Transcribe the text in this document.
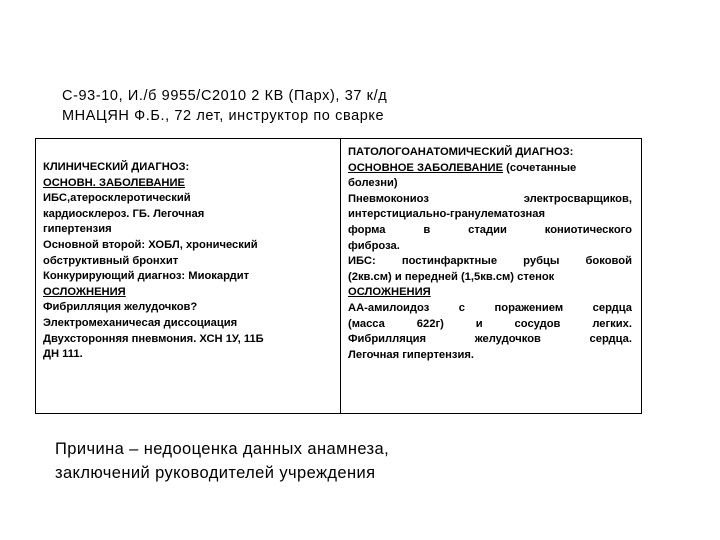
С-93-10, И./б 9955/С2010 2 КВ (Парх), 37 к/д
МНАЦЯН Ф.Б., 72 лет, инструктор по сварке
КЛИНИЧЕСКИЙ ДИАГНОЗ:
ОСНОВН. ЗАБОЛЕВАНИЕ
ИБС,атеросклеротический
кардиосклероз. ГБ. Легочная
гипертензия
Основной второй: ХОБЛ, хронический
обструктивный бронхит
Конкурирующий диагноз: Миокардит
ОСЛОЖНЕНИЯ
Фибрилляция желудочков?
Электромеханичесая диссоциация
Двухсторонняя пневмония. ХСН 1У, 11Б
ДН 111.
ПАТОЛОГОАНАТОМИЧЕСКИЙ ДИАГНОЗ:
ОСНОВНОЕ ЗАБОЛЕВАНИЕ (сочетанные
болезни)
Пневмокониоз электросварщиков,
интерстициально-гранулематозная
форма в стадии кониотического
фиброза.
ИБС: постинфарктные рубцы боковой
(2кв.см) и передней (1,5кв.см) стенок
ОСЛОЖНЕНИЯ
АА-амилоидоз с поражением сердца
(масса 622г) и сосудов легких.
Фибрилляция желудочков сердца.
Легочная гипертензия.
Причина – недооценка данных анамнеза,
заключений руководителей учреждения
